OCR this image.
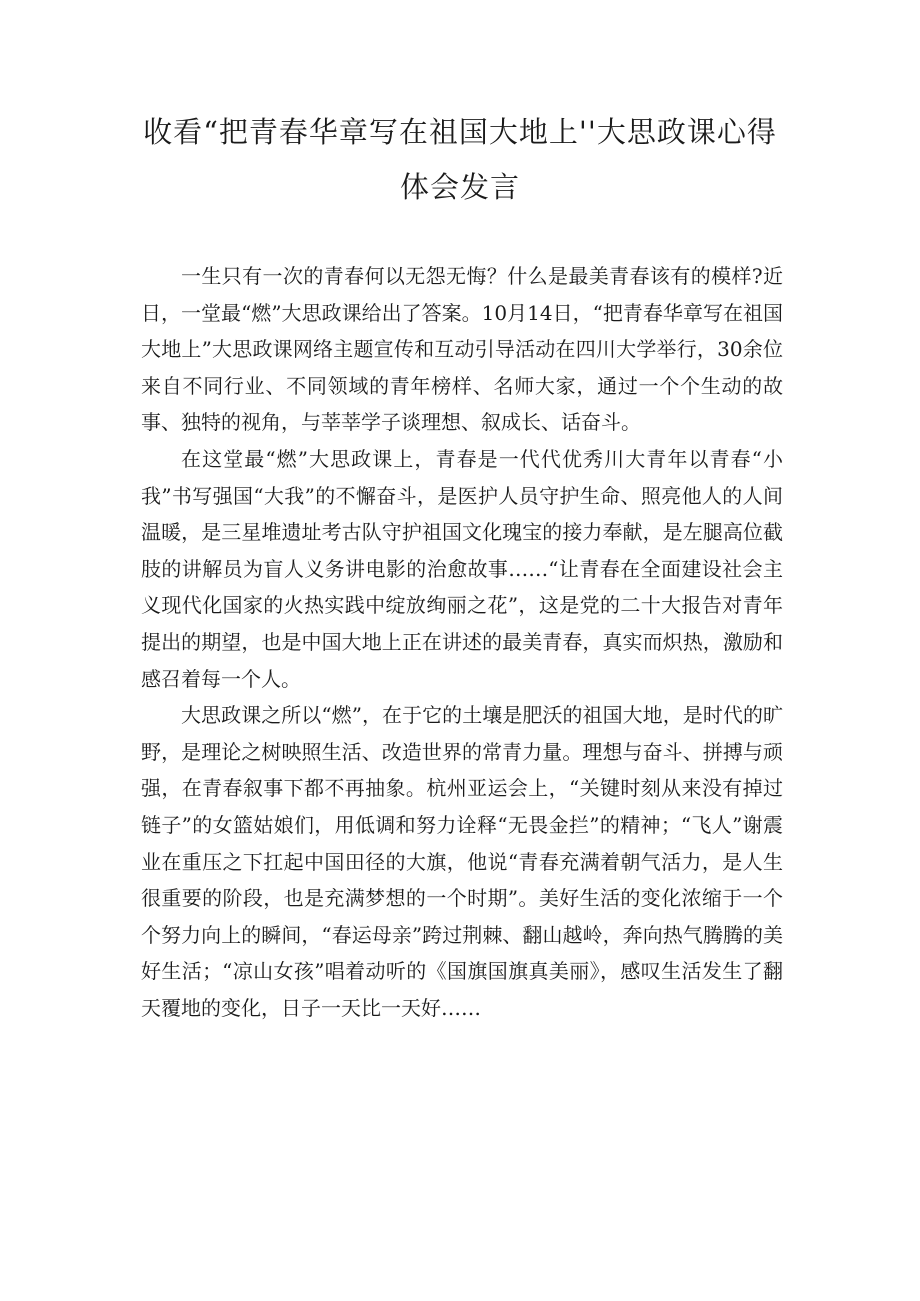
收看“把青春华章写在祖国大地上''大思政课心得
体会发言

一生只有一次的青春何以无怨无悔？什么是最美青春该有的模样?近日，一堂最“燃”大思政课给出了答案。10月14日，“把青春华章写在祖国大地上”大思政课网络主题宣传和互动引导活动在四川大学举行，30余位来自不同行业、不同领域的青年榜样、名师大家，通过一个个生动的故事、独特的视角，与莘莘学子谈理想、叙成长、话奋斗。

在这堂最“燃”大思政课上，青春是一代代优秀川大青年以青春“小我”书写强国“大我”的不懈奋斗，是医护人员守护生命、照亮他人的人间温暖，是三星堆遗址考古队守护祖国文化瑰宝的接力奉献，是左腿高位截肢的讲解员为盲人义务讲电影的治愈故事……“让青春在全面建设社会主义现代化国家的火热实践中绽放绚丽之花”，这是党的二十大报告对青年提出的期望，也是中国大地上正在讲述的最美青春，真实而炽热，激励和感召着每一个人。

大思政课之所以“燃”，在于它的土壤是肥沃的祖国大地，是时代的旷野，是理论之树映照生活、改造世界的常青力量。理想与奋斗、拼搏与顽强，在青春叙事下都不再抽象。杭州亚运会上，“关键时刻从来没有掉过链子”的女篮姑娘们，用低调和努力诠释“无畏金拦”的精神；“飞人”谢震业在重压之下扛起中国田径的大旗，他说“青春充满着朝气活力，是人生很重要的阶段，也是充满梦想的一个时期”。美好生活的变化浓缩于一个个努力向上的瞬间，“春运母亲”跨过荆棘、翻山越岭，奔向热气腾腾的美好生活；“凉山女孩”唱着动听的《国旗国旗真美丽》，感叹生活发生了翻天覆地的变化，日子一天比一天好……
